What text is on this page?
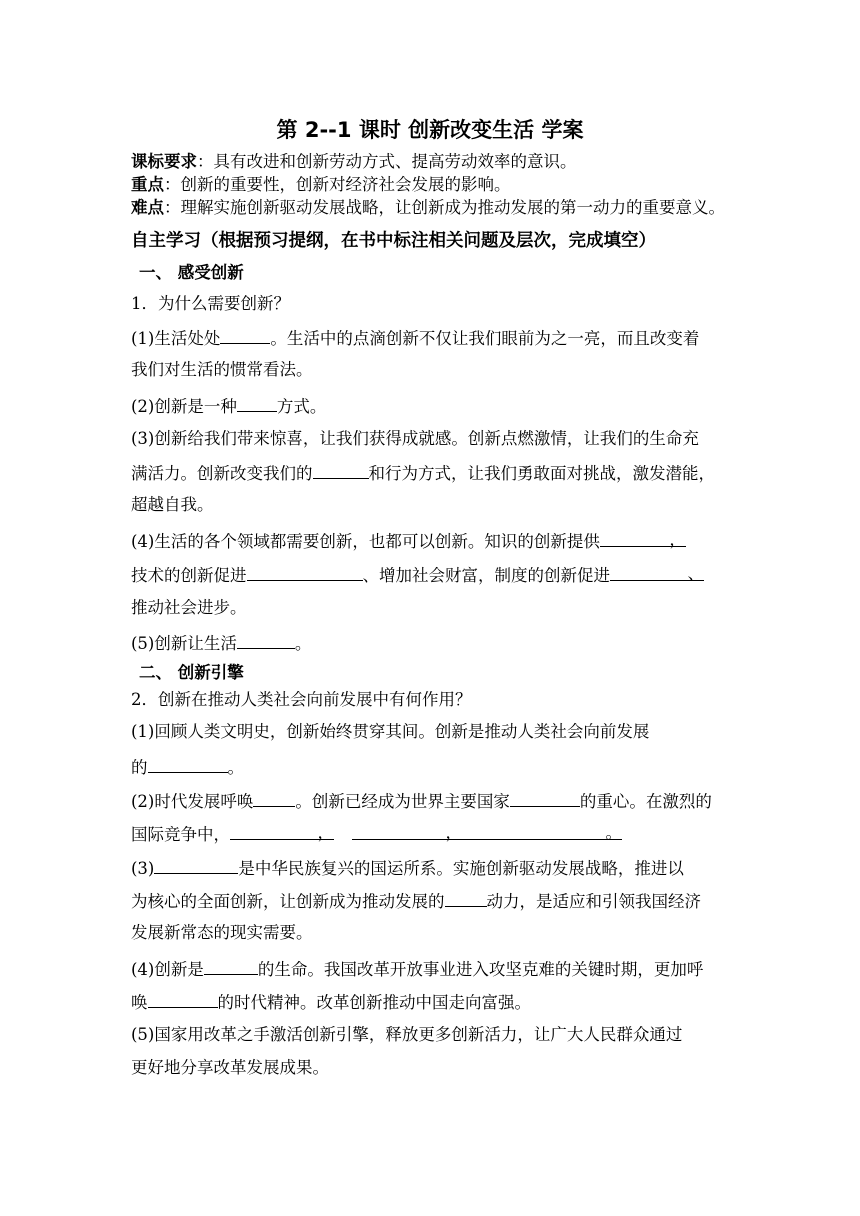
第 2--1 课时 创新改变生活 学案
课标要求：具有改进和创新劳动方式、提高劳动效率的意识。
重点：创新的重要性，创新对经济社会发展的影响。
难点：理解实施创新驱动发展战略，让创新成为推动发展的第一动力的重要意义。
自主学习（根据预习提纲，在书中标注相关问题及层次，完成填空）
一、 感受创新
1．为什么需要创新？
(1)生活处处	。生活中的点滴创新不仅让我们眼前为之一亮，而且改变着
我们对生活的惯常看法。
(2)创新是一种 方式。
(3)创新给我们带来惊喜，让我们获得成就感。创新点燃激情，让我们的生命充
满活力。创新改变我们的	和行为方式，让我们勇敢面对挑战，激发潜能，
超越自我。
(4)生活的各个领域都需要创新，也都可以创新。知识的创新提供	，
技术的创新促进	、增加社会财富，制度的创新促进	、
推动社会进步。
(5)创新让生活	。
二、 创新引擎
2．创新在推动人类社会向前发展中有何作用？
(1)回顾人类文明史，创新始终贯穿其间。创新是推动人类社会向前发展
的	。
(2)时代发展呼唤	。创新已经成为世界主要国家	的重心。在激烈的
国际竞争中，	，	，	。
(3)	是中华民族复兴的国运所系。实施创新驱动发展战略，推进以
为核心的全面创新，让创新成为推动发展的	动力，是适应和引领我国经济
发展新常态的现实需要。
(4)创新是	的生命。我国改革开放事业进入攻坚克难的关键时期，更加呼
唤	的时代精神。改革创新推动中国走向富强。
(5)国家用改革之手激活创新引擎，释放更多创新活力，让广大人民群众通过
更好地分享改革发展成果。
